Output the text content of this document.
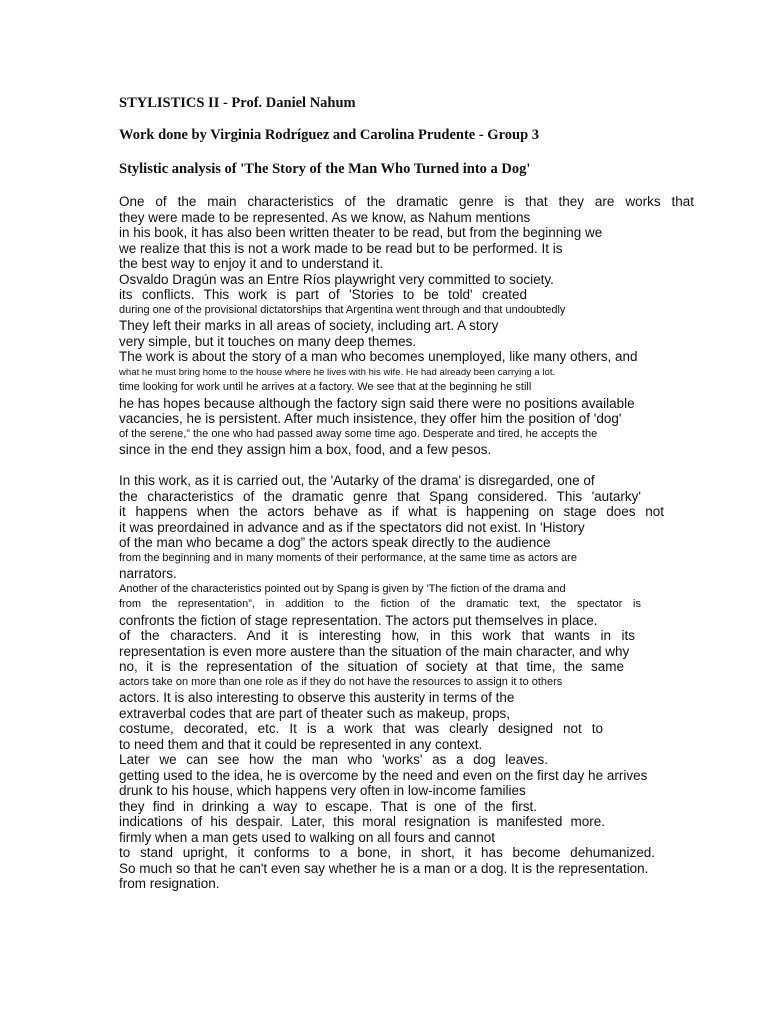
STYLISTICS II - Prof. Daniel Nahum
Work done by Virginia Rodríguez and Carolina Prudente - Group 3
Stylistic analysis of 'The Story of the Man Who Turned into a Dog'
One of the main characteristics of the dramatic genre is that they are works that
they were made to be represented. As we know, as Nahum mentions
in his book, it has also been written theater to be read, but from the beginning we
we realize that this is not a work made to be read but to be performed. It is
the best way to enjoy it and to understand it.
Osvaldo Dragún was an Entre Ríos playwright very committed to society.
its conflicts. This work is part of 'Stories to be told' created
during one of the provisional dictatorships that Argentina went through and that undoubtedly
They left their marks in all areas of society, including art. A story
very simple, but it touches on many deep themes.
The work is about the story of a man who becomes unemployed, like many others, and
what he must bring home to the house where he lives with his wife. He had already been carrying a lot.
time looking for work until he arrives at a factory. We see that at the beginning he still
he has hopes because although the factory sign said there were no positions available
vacancies, he is persistent. After much insistence, they offer him the position of 'dog'
of the serene,” the one who had passed away some time ago. Desperate and tired, he accepts the
since in the end they assign him a box, food, and a few pesos.
In this work, as it is carried out, the 'Autarky of the drama' is disregarded, one of
the characteristics of the dramatic genre that Spang considered. This 'autarky'
it happens when the actors behave as if what is happening on stage does not
it was preordained in advance and as if the spectators did not exist. In 'History
of the man who became a dog” the actors speak directly to the audience
from the beginning and in many moments of their performance, at the same time as actors are
narrators.
Another of the characteristics pointed out by Spang is given by 'The fiction of the drama and
from the representation”, in addition to the fiction of the dramatic text, the spectator is
confronts the fiction of stage representation. The actors put themselves in place.
of the characters. And it is interesting how, in this work that wants in its
representation is even more austere than the situation of the main character, and why
no, it is the representation of the situation of society at that time, the same
actors take on more than one role as if they do not have the resources to assign it to others
actors. It is also interesting to observe this austerity in terms of the
extraverbal codes that are part of theater such as makeup, props,
costume, decorated, etc. It is a work that was clearly designed not to
to need them and that it could be represented in any context.
Later we can see how the man who 'works' as a dog leaves.
getting used to the idea, he is overcome by the need and even on the first day he arrives
drunk to his house, which happens very often in low-income families
they find in drinking a way to escape. That is one of the first.
indications of his despair. Later, this moral resignation is manifested more.
firmly when a man gets used to walking on all fours and cannot
to stand upright, it conforms to a bone, in short, it has become dehumanized.
So much so that he can't even say whether he is a man or a dog. It is the representation.
from resignation.
